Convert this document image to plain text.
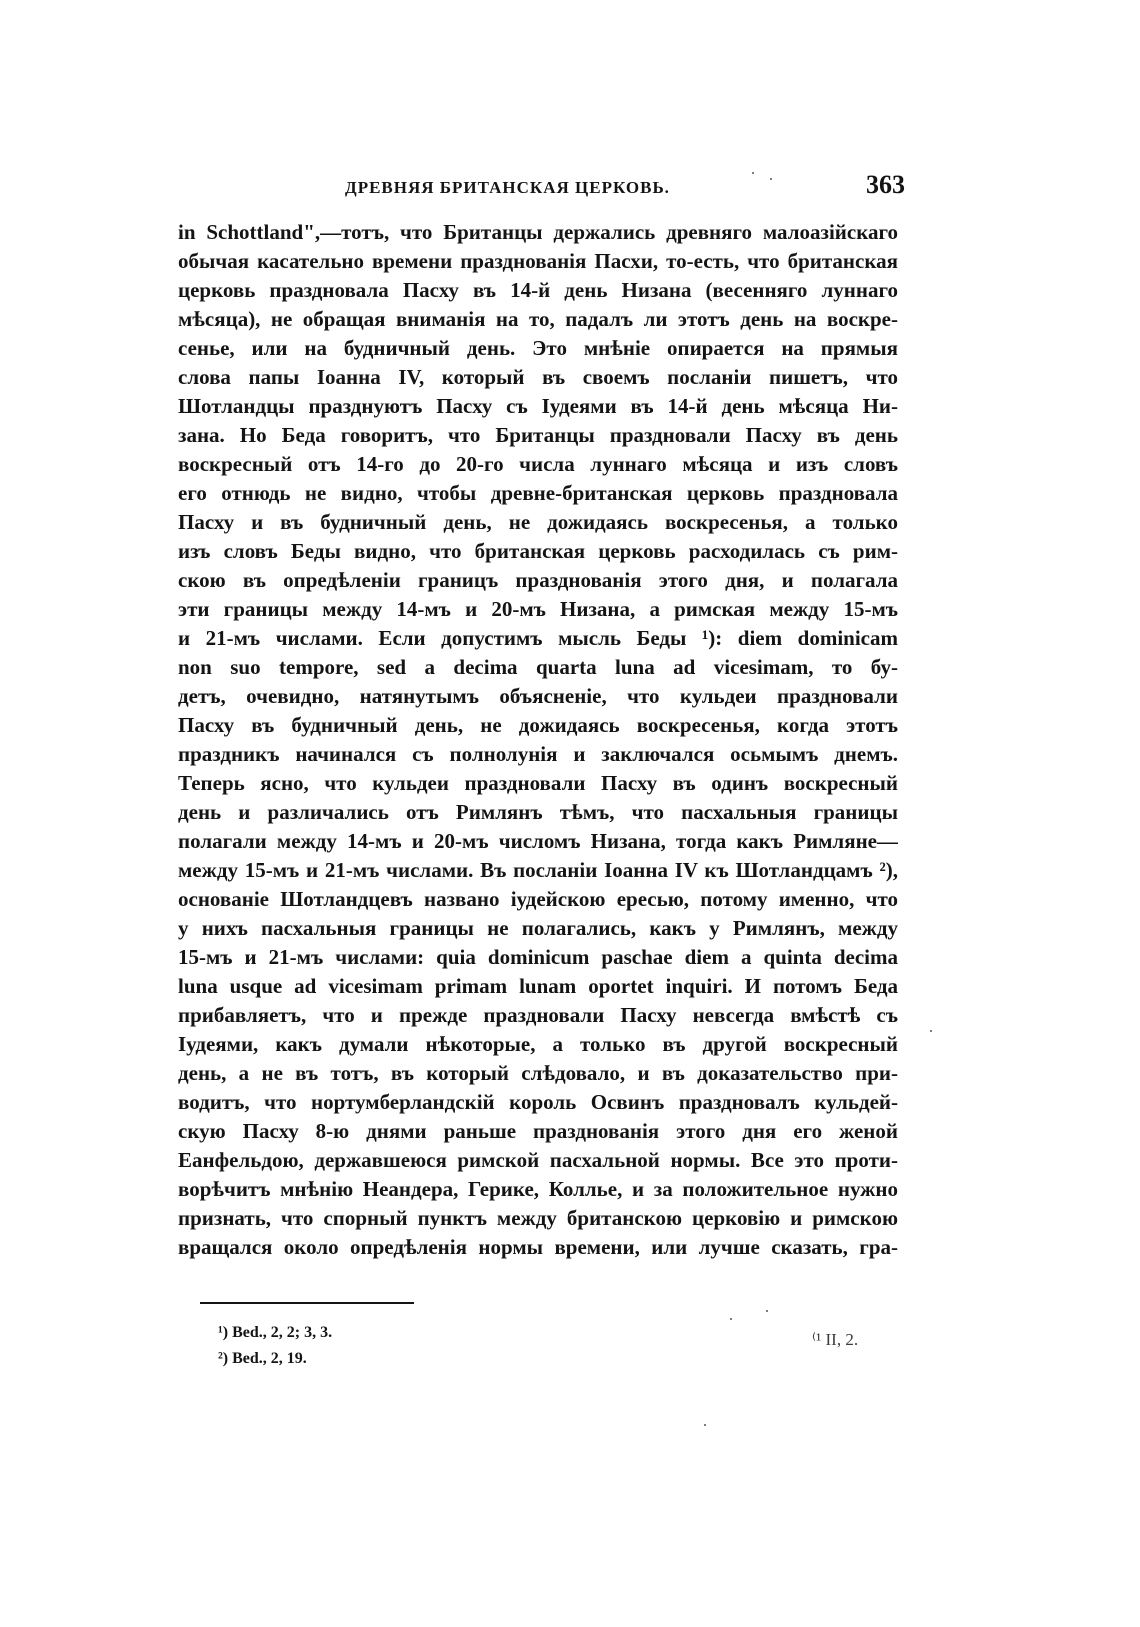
ДРЕВНЯЯ БРИТАНСКАЯ ЦЕРКОВЬ.	363
in Schottland",—тотъ, что Британцы держались древняго малоазійскаго
обычая касательно времени празднованія Пасхи, то-есть, что британская
церковь праздновала Пасху въ 14-й день Низана (весенняго луннаго
мѣсяца), не обращая вниманія на то, падалъ ли этотъ день на воскре-
сенье, или на будничный день. Это мнѣніе опирается на прямыя
слова папы Іоанна IV, который въ своемъ посланіи пишетъ, что
Шотландцы празднуютъ Пасху съ Іудеями въ 14-й день мѣсяца Ни-
зана. Но Беда говоритъ, что Британцы праздновали Пасху въ день
воскресный отъ 14-го до 20-го числа луннаго мѣсяца и изъ словъ
его отнюдь не видно, чтобы древне-британская церковь праздновала
Пасху и въ будничный день, не дожидаясь воскресенья, а только
изъ словъ Беды видно, что британская церковь расходилась съ рим-
скою въ опредѣленіи границъ празднованія этого дня, и полагала
эти границы между 14-мъ и 20-мъ Низана, а римская между 15-мъ
и 21-мъ числами. Если допустимъ мысль Беды ¹): diem dominicam
non suo tempore, sed a decima quarta luna ad vicesimam, то бу-
детъ, очевидно, натянутымъ объясненіе, что кульдеи праздновали
Пасху въ будничный день, не дожидаясь воскресенья, когда этотъ
праздникъ начинался съ полнолунія и заключался осьмымъ днемъ.
Теперь ясно, что кульдеи праздновали Пасху въ одинъ воскресный
день и различались отъ Римлянъ тѣмъ, что пасхальныя границы
полагали между 14-мъ и 20-мъ числомъ Низана, тогда какъ Римляне—
между 15-мъ и 21-мъ числами. Въ посланіи Іоанна IV къ Шотландцамъ ²),
основаніе Шотландцевъ названо іудейскою ересью, потому именно, что
у нихъ пасхальныя границы не полагались, какъ у Римлянъ, между
15-мъ и 21-мъ числами: quia dominicum paschae diem a quinta decima
luna usque ad vicesimam primam lunam oportet inquiri. И потомъ Беда
прибавляетъ, что и прежде праздновали Пасху невсегда вмѣстѣ съ
Іудеями, какъ думали нѣкоторые, а только въ другой воскресный
день, а не въ тотъ, въ который слѣдовало, и въ доказательство при-
водитъ, что нортумберландскій король Освинъ праздновалъ кульдей-
скую Пасху 8-ю днями раньше празднованія этого дня его женой
Еанфельдою, державшеюся римской пасхальной нормы. Все это проти-
ворѣчитъ мнѣнію Неандера, Герике, Коллье, и за положительное нужно
признать, что спорный пунктъ между британскою церковію и римскою
вращался около опредѣленія нормы времени, или лучше сказать, гра-
¹) Bed., 2, 2; 3, 3.
²) Bed., 2, 19.
⁽¹ II, 2.
